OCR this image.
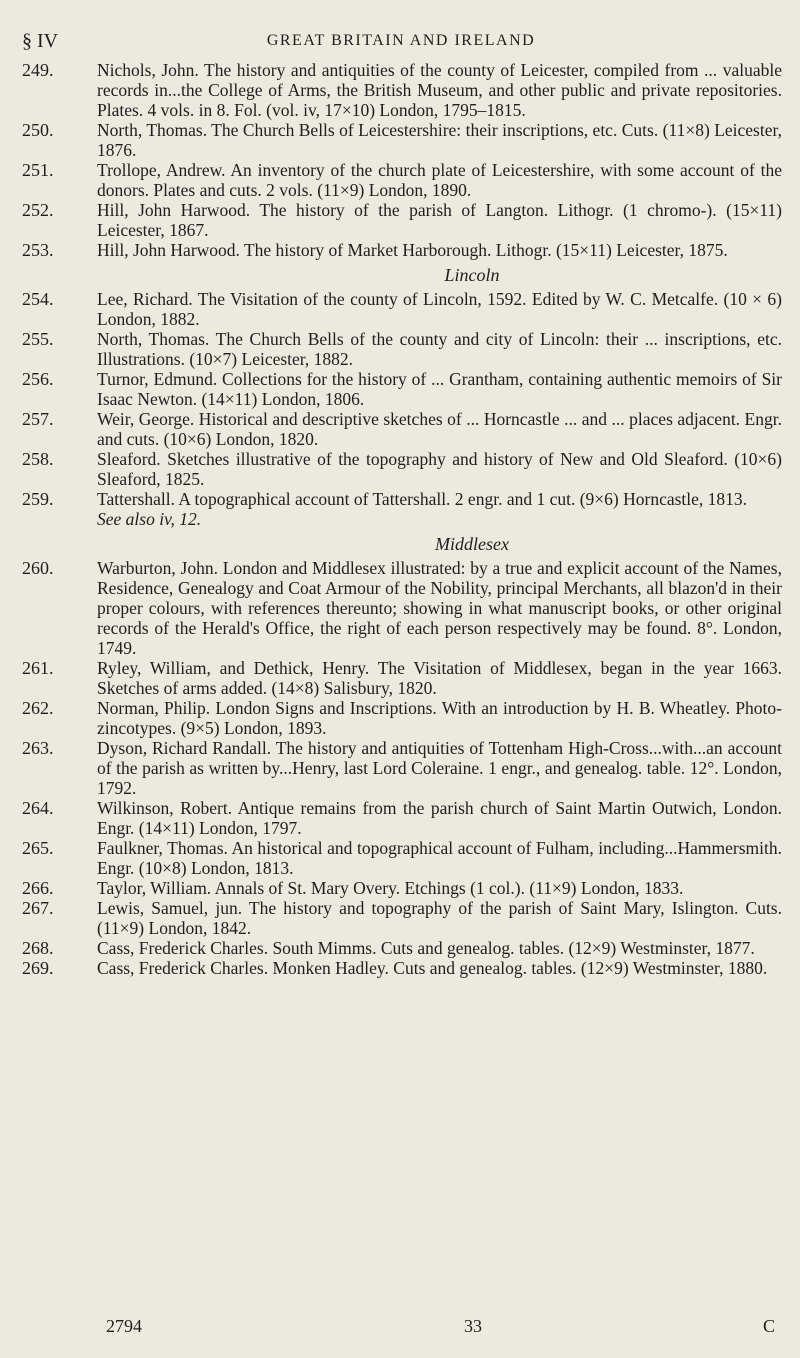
§ IV	GREAT BRITAIN AND IRELAND
249. Nichols, John. The history and antiquities of the county of Leicester, compiled from ... valuable records in...the College of Arms, the British Museum, and other public and private repositories. Plates. 4 vols. in 8. Fol. (vol. iv, 17×10) London, 1795–1815.
250. North, Thomas. The Church Bells of Leicestershire: their inscriptions, etc. Cuts. (11×8) Leicester, 1876.
251. Trollope, Andrew. An inventory of the church plate of Leicestershire, with some account of the donors. Plates and cuts. 2 vols. (11×9) London, 1890.
252. Hill, John Harwood. The history of the parish of Langton. Lithogr. (1 chromo-). (15×11) Leicester, 1867.
253. Hill, John Harwood. The history of Market Harborough. Lithogr. (15×11) Leicester, 1875.
Lincoln
254. Lee, Richard. The Visitation of the county of Lincoln, 1592. Edited by W. C. Metcalfe. (10 × 6) London, 1882.
255. North, Thomas. The Church Bells of the county and city of Lincoln: their ... inscriptions, etc. Illustrations. (10×7) Leicester, 1882.
256. Turnor, Edmund. Collections for the history of ... Grantham, containing authentic memoirs of Sir Isaac Newton. (14×11) London, 1806.
257. Weir, George. Historical and descriptive sketches of ... Horncastle ... and ... places adjacent. Engr. and cuts. (10×6) London, 1820.
258. Sleaford. Sketches illustrative of the topography and history of New and Old Sleaford. (10×6) Sleaford, 1825.
259. Tattershall. A topographical account of Tattershall. 2 engr. and 1 cut. (9×6) Horncastle, 1813.
See also iv, 12.
Middlesex
260. Warburton, John. London and Middlesex illustrated: by a true and explicit account of the Names, Residence, Genealogy and Coat Armour of the Nobility, principal Merchants, all blazon'd in their proper colours, with references thereunto; showing in what manuscript books, or other original records of the Herald's Office, the right of each person respectively may be found. 8°. London, 1749.
261. Ryley, William, and Dethick, Henry. The Visitation of Middlesex, began in the year 1663. Sketches of arms added. (14×8) Salisbury, 1820.
262. Norman, Philip. London Signs and Inscriptions. With an introduction by H. B. Wheatley. Photo-zincotypes. (9×5) London, 1893.
263. Dyson, Richard Randall. The history and antiquities of Tottenham High-Cross...with...an account of the parish as written by...Henry, last Lord Coleraine. 1 engr., and genealog. table. 12°. London, 1792.
264. Wilkinson, Robert. Antique remains from the parish church of Saint Martin Outwich, London. Engr. (14×11) London, 1797.
265. Faulkner, Thomas. An historical and topographical account of Fulham, including...Hammersmith. Engr. (10×8) London, 1813.
266. Taylor, William. Annals of St. Mary Overy. Etchings (1 col.). (11×9) London, 1833.
267. Lewis, Samuel, jun. The history and topography of the parish of Saint Mary, Islington. Cuts. (11×9) London, 1842.
268. Cass, Frederick Charles. South Mimms. Cuts and genealog. tables. (12×9) Westminster, 1877.
269. Cass, Frederick Charles. Monken Hadley. Cuts and genealog. tables. (12×9) Westminster, 1880.
2794	33	C
